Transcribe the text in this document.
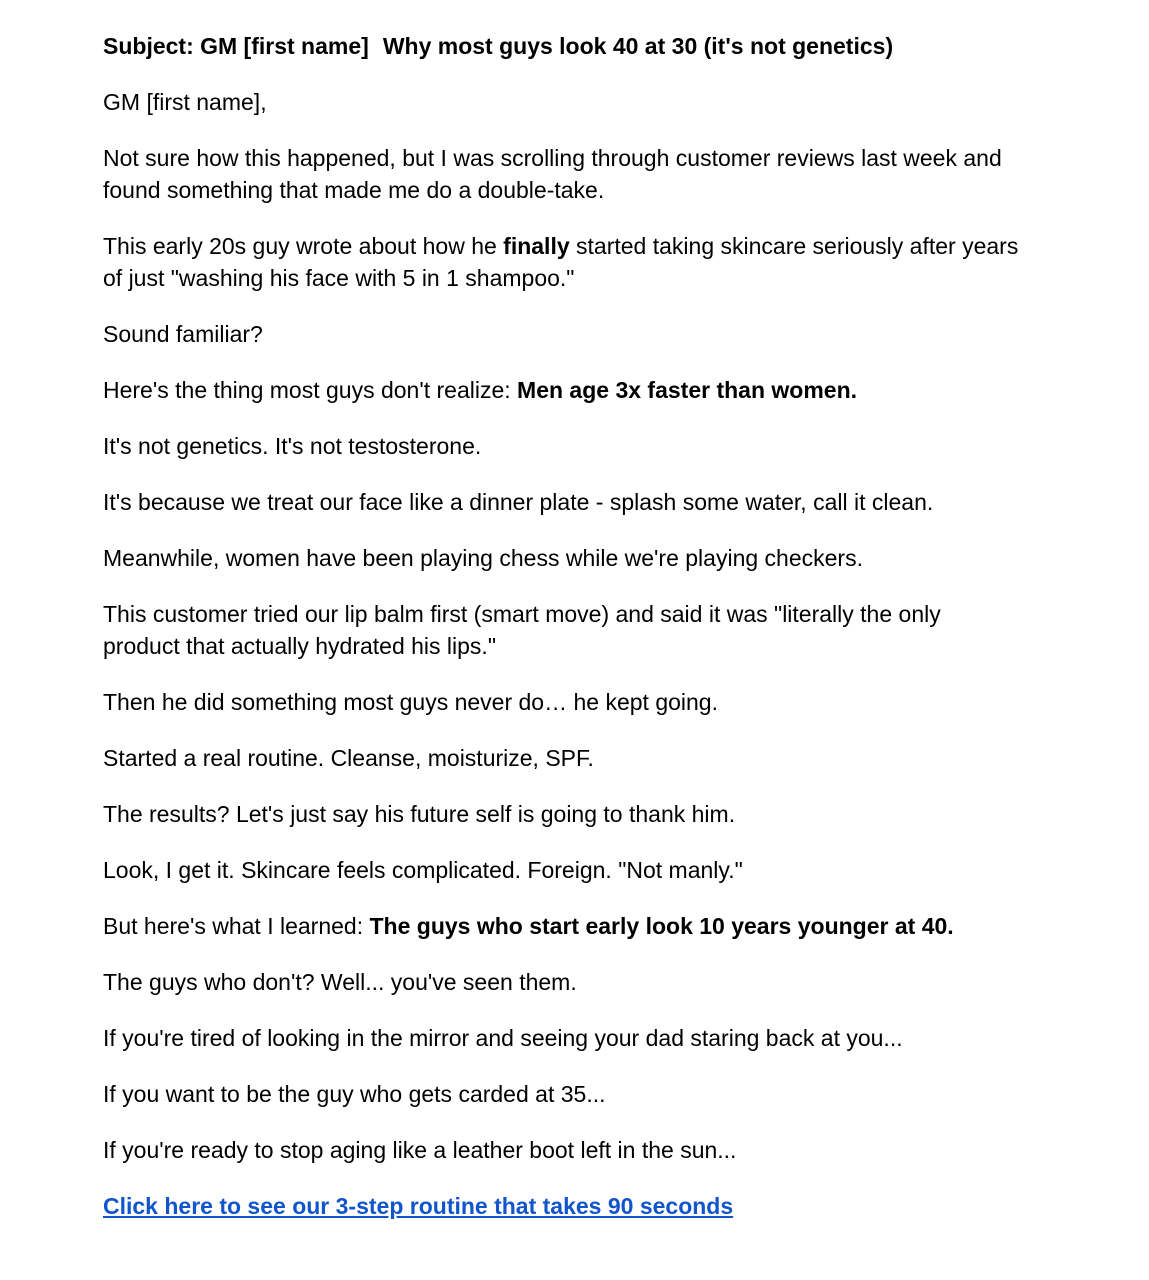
Subject: GM [first name] Why most guys look 40 at 30 (it's not genetics)

GM [first name],

Not sure how this happened, but I was scrolling through customer reviews last week and found something that made me do a double-take.

This early 20s guy wrote about how he finally started taking skincare seriously after years of just "washing his face with 5 in 1 shampoo."

Sound familiar?

Here's the thing most guys don't realize: Men age 3x faster than women.

It's not genetics. It's not testosterone.

It's because we treat our face like a dinner plate - splash some water, call it clean.

Meanwhile, women have been playing chess while we're playing checkers.

This customer tried our lip balm first (smart move) and said it was "literally the only product that actually hydrated his lips."

Then he did something most guys never do… he kept going.

Started a real routine. Cleanse, moisturize, SPF.

The results? Let's just say his future self is going to thank him.

Look, I get it. Skincare feels complicated. Foreign. "Not manly."

But here's what I learned: The guys who start early look 10 years younger at 40.

The guys who don't? Well... you've seen them.

If you're tired of looking in the mirror and seeing your dad staring back at you...

If you want to be the guy who gets carded at 35...

If you're ready to stop aging like a leather boot left in the sun...

Click here to see our 3-step routine that takes 90 seconds
